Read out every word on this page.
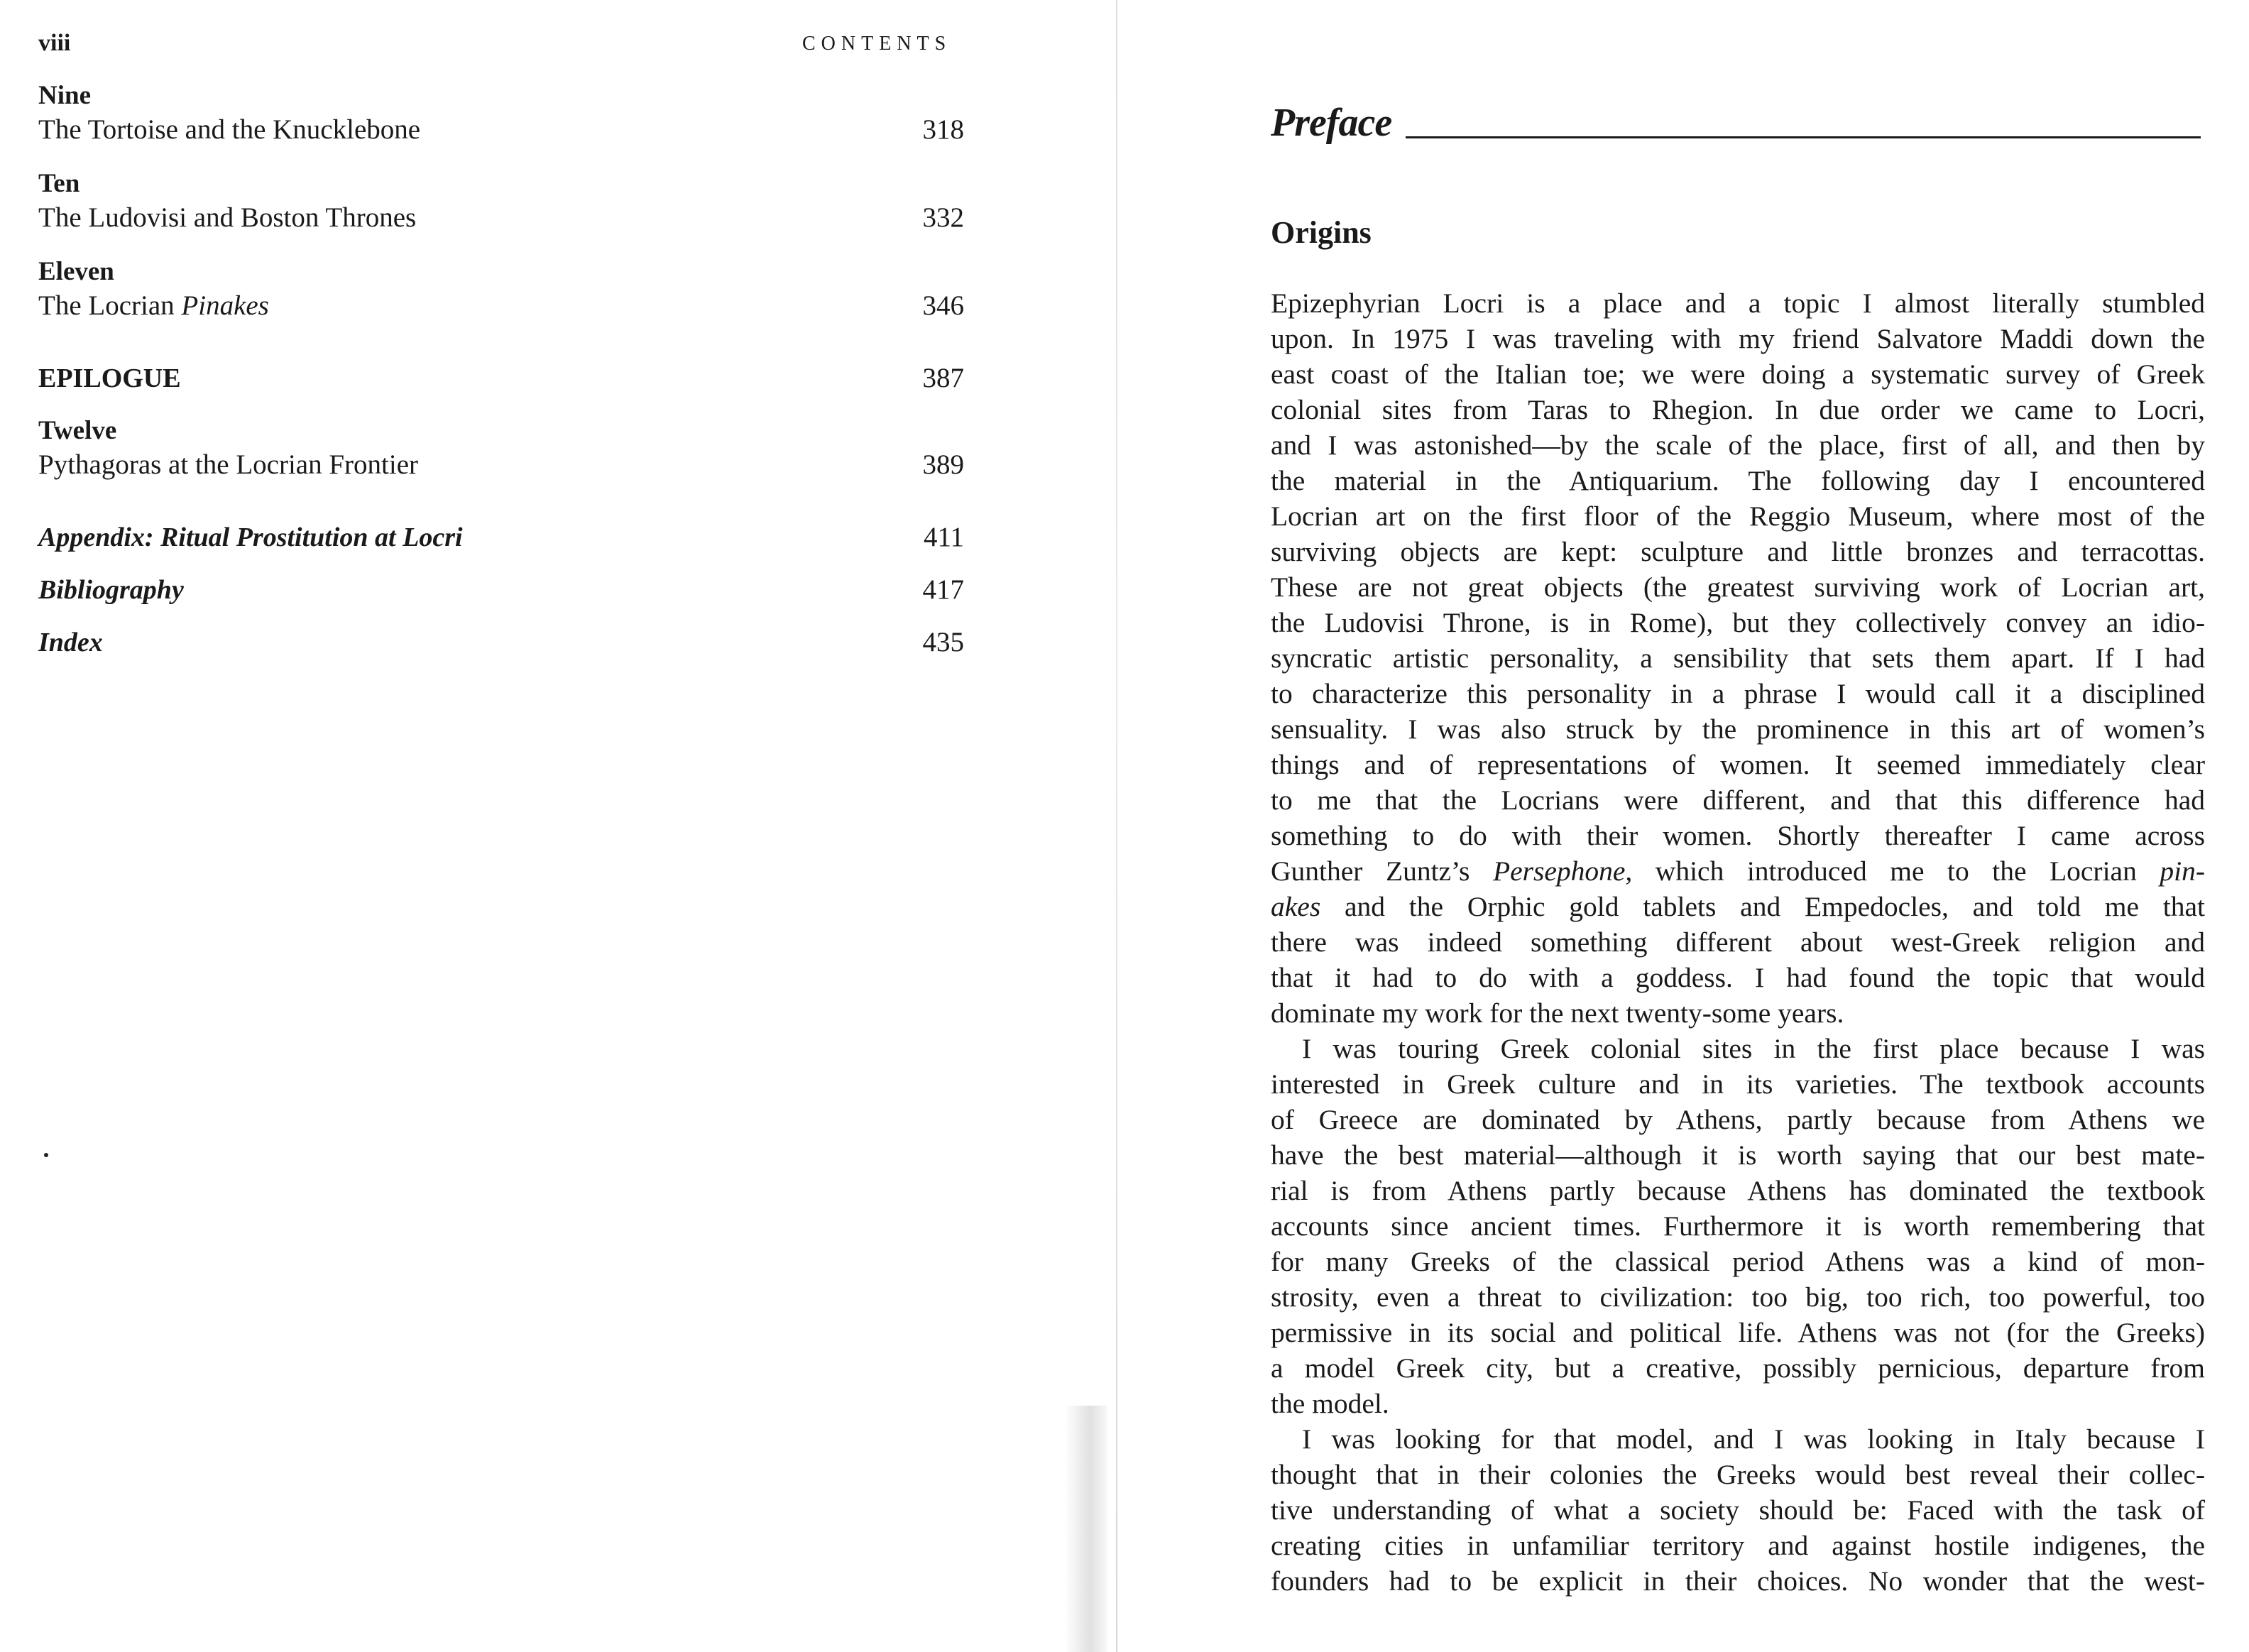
viii	CONTENTS
Nine
The Tortoise and the Knucklebone	318
Ten
The Ludovisi and Boston Thrones	332
Eleven
The Locrian Pinakes	346
EPILOGUE	387
Twelve
Pythagoras at the Locrian Frontier	389
Appendix: Ritual Prostitution at Locri	411
Bibliography	417
Index	435
Preface
Origins
Epizephyrian Locri is a place and a topic I almost literally stumbled
upon. In 1975 I was traveling with my friend Salvatore Maddi down the
east coast of the Italian toe; we were doing a systematic survey of Greek
colonial sites from Taras to Rhegion. In due order we came to Locri,
and I was astonished—by the scale of the place, first of all, and then by
the material in the Antiquarium. The following day I encountered
Locrian art on the first floor of the Reggio Museum, where most of the
surviving objects are kept: sculpture and little bronzes and terracottas.
These are not great objects (the greatest surviving work of Locrian art,
the Ludovisi Throne, is in Rome), but they collectively convey an idio-
syncratic artistic personality, a sensibility that sets them apart. If I had
to characterize this personality in a phrase I would call it a disciplined
sensuality. I was also struck by the prominence in this art of women’s
things and of representations of women. It seemed immediately clear
to me that the Locrians were different, and that this difference had
something to do with their women. Shortly thereafter I came across
Gunther Zuntz’s Persephone, which introduced me to the Locrian pin-
akes and the Orphic gold tablets and Empedocles, and told me that
there was indeed something different about west-Greek religion and
that it had to do with a goddess. I had found the topic that would
dominate my work for the next twenty-some years.
I was touring Greek colonial sites in the first place because I was
interested in Greek culture and in its varieties. The textbook accounts
of Greece are dominated by Athens, partly because from Athens we
have the best material—although it is worth saying that our best mate-
rial is from Athens partly because Athens has dominated the textbook
accounts since ancient times. Furthermore it is worth remembering that
for many Greeks of the classical period Athens was a kind of mon-
strosity, even a threat to civilization: too big, too rich, too powerful, too
permissive in its social and political life. Athens was not (for the Greeks)
a model Greek city, but a creative, possibly pernicious, departure from
the model.
I was looking for that model, and I was looking in Italy because I
thought that in their colonies the Greeks would best reveal their collec-
tive understanding of what a society should be: Faced with the task of
creating cities in unfamiliar territory and against hostile indigenes, the
founders had to be explicit in their choices. No wonder that the west-
